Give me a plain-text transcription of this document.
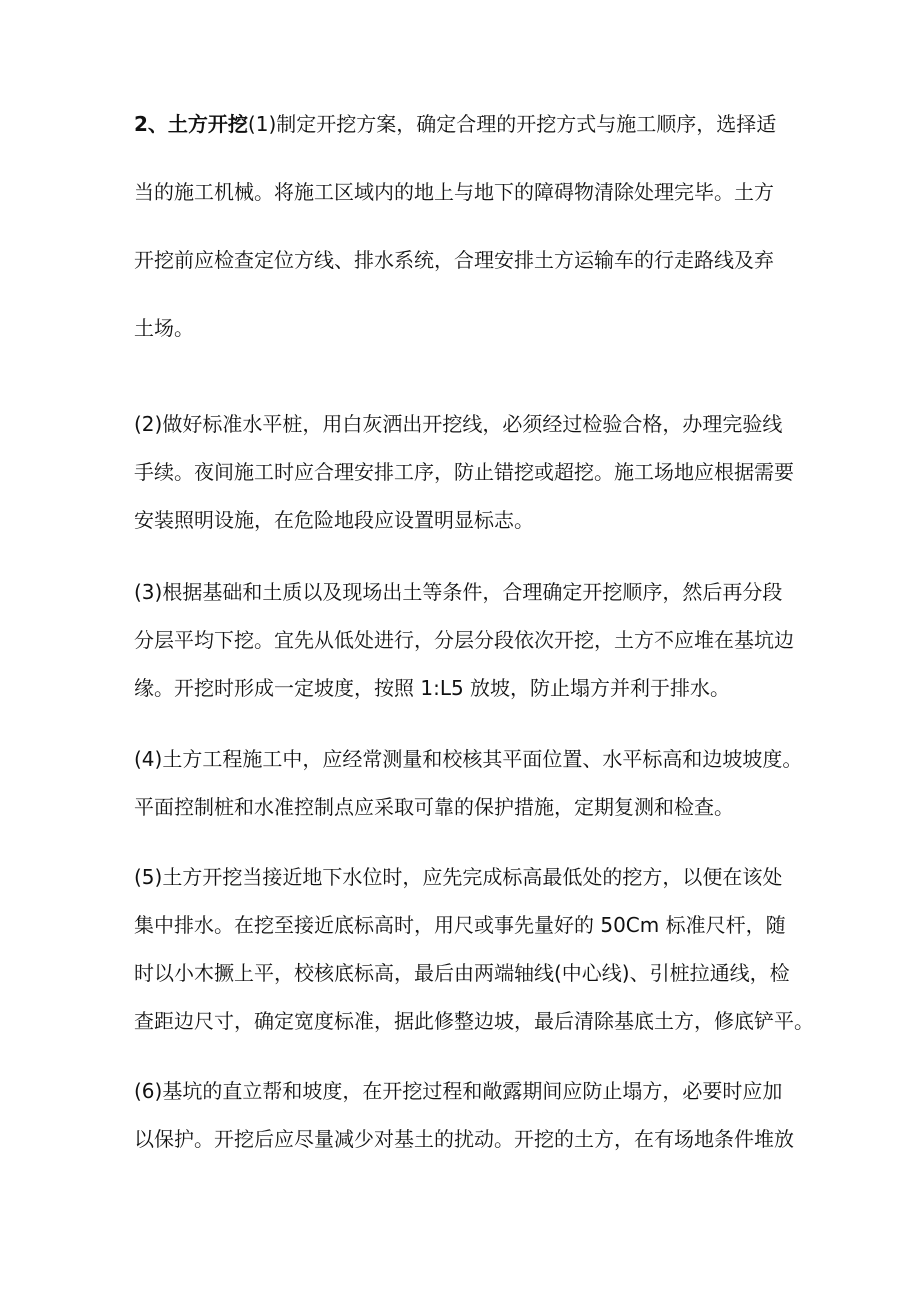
2、土方开挖(1)制定开挖方案，确定合理的开挖方式与施工顺序，选择适
当的施工机械。将施工区域内的地上与地下的障碍物清除处理完毕。土方
开挖前应检查定位方线、排水系统，合理安排土方运输车的行走路线及弃
土场。
(2)做好标准水平桩，用白灰洒出开挖线，必须经过检验合格，办理完验线
手续。夜间施工时应合理安排工序，防止错挖或超挖。施工场地应根据需要
安装照明设施，在危险地段应设置明显标志。
(3)根据基础和土质以及现场出土等条件，合理确定开挖顺序，然后再分段
分层平均下挖。宜先从低处进行，分层分段依次开挖，土方不应堆在基坑边
缘。开挖时形成一定坡度，按照 1:L5 放坡，防止塌方并利于排水。
(4)土方工程施工中，应经常测量和校核其平面位置、水平标高和边坡坡度。
平面控制桩和水准控制点应采取可靠的保护措施，定期复测和检查。
(5)土方开挖当接近地下水位时，应先完成标高最低处的挖方，以便在该处
集中排水。在挖至接近底标高时，用尺或事先量好的 50Cm 标准尺杆，随
时以小木撅上平，校核底标高，最后由两端轴线(中心线)、引桩拉通线，检
查距边尺寸，确定宽度标准，据此修整边坡，最后清除基底土方，修底铲平。
(6)基坑的直立帮和坡度，在开挖过程和敞露期间应防止塌方，必要时应加
以保护。开挖后应尽量减少对基土的扰动。开挖的土方，在有场地条件堆放
